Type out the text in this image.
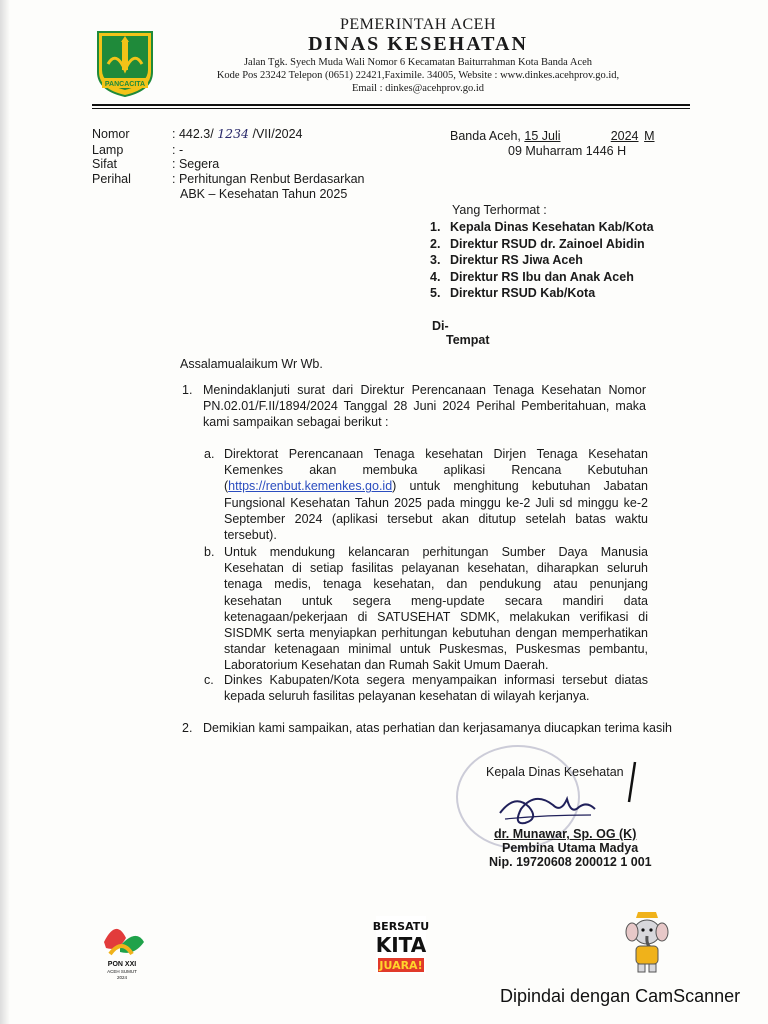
PANCACITA
PEMERINTAH ACEH
DINAS KESEHATAN
Jalan Tgk. Syech Muda Wali Nomor 6 Kecamatan Baiturrahman Kota Banda Aceh
Kode Pos 23242 Telepon (0651) 22421,Faximile. 34005, Website : www.dinkes.acehprov.go.id,
Email : dinkes@acehprov.go.id
Nomor	: 442.3/ 1234 /VII/2024
Lamp	: -
Sifat	: Segera
Perihal	: Perhitungan Renbut Berdasarkan
ABK – Kesehatan Tahun 2025
Banda Aceh, 15 Juli	2024 M
09 Muharram 1446 H
Yang Terhormat :
1. Kepala Dinas Kesehatan Kab/Kota
2. Direktur RSUD dr. Zainoel Abidin
3. Direktur RS Jiwa Aceh
4. Direktur RS Ibu dan Anak Aceh
5. Direktur RSUD Kab/Kota
Di-
Tempat
Assalamualaikum Wr Wb.
1. Menindaklanjuti surat dari Direktur Perencanaan Tenaga Kesehatan Nomor PN.02.01/F.II/1894/2024 Tanggal 28 Juni 2024 Perihal Pemberitahuan, maka kami sampaikan sebagai berikut :
a. Direktorat Perencanaan Tenaga kesehatan Dirjen Tenaga Kesehatan Kemenkes akan membuka aplikasi Rencana Kebutuhan (https://renbut.kemenkes.go.id) untuk menghitung kebutuhan Jabatan Fungsional Kesehatan Tahun 2025 pada minggu ke-2 Juli sd minggu ke-2 September 2024 (aplikasi tersebut akan ditutup setelah batas waktu tersebut).
b. Untuk mendukung kelancaran perhitungan Sumber Daya Manusia Kesehatan di setiap fasilitas pelayanan kesehatan, diharapkan seluruh tenaga medis, tenaga kesehatan, dan pendukung atau penunjang kesehatan untuk segera meng-update secara mandiri data ketenagaan/pekerjaan di SATUSEHAT SDMK, melakukan verifikasi di SISDMK serta menyiapkan perhitungan kebutuhan dengan memperhatikan standar ketenagaan minimal untuk Puskesmas, Puskesmas pembantu, Laboratorium Kesehatan dan Rumah Sakit Umum Daerah.
c. Dinkes Kabupaten/Kota segera menyampaikan informasi tersebut diatas kepada seluruh fasilitas pelayanan kesehatan di wilayah kerjanya.
2. Demikian kami sampaikan, atas perhatian dan kerjasamanya diucapkan terima kasih
Kepala Dinas Kesehatan
dr. Munawar, Sp. OG (K)
Pembina Utama Madya
Nip. 19720608 200012 1 001
PON XXI
ACEH SUMUT
2024
BERSATU
KITA
JUARA!
Dipindai dengan CamScanner
